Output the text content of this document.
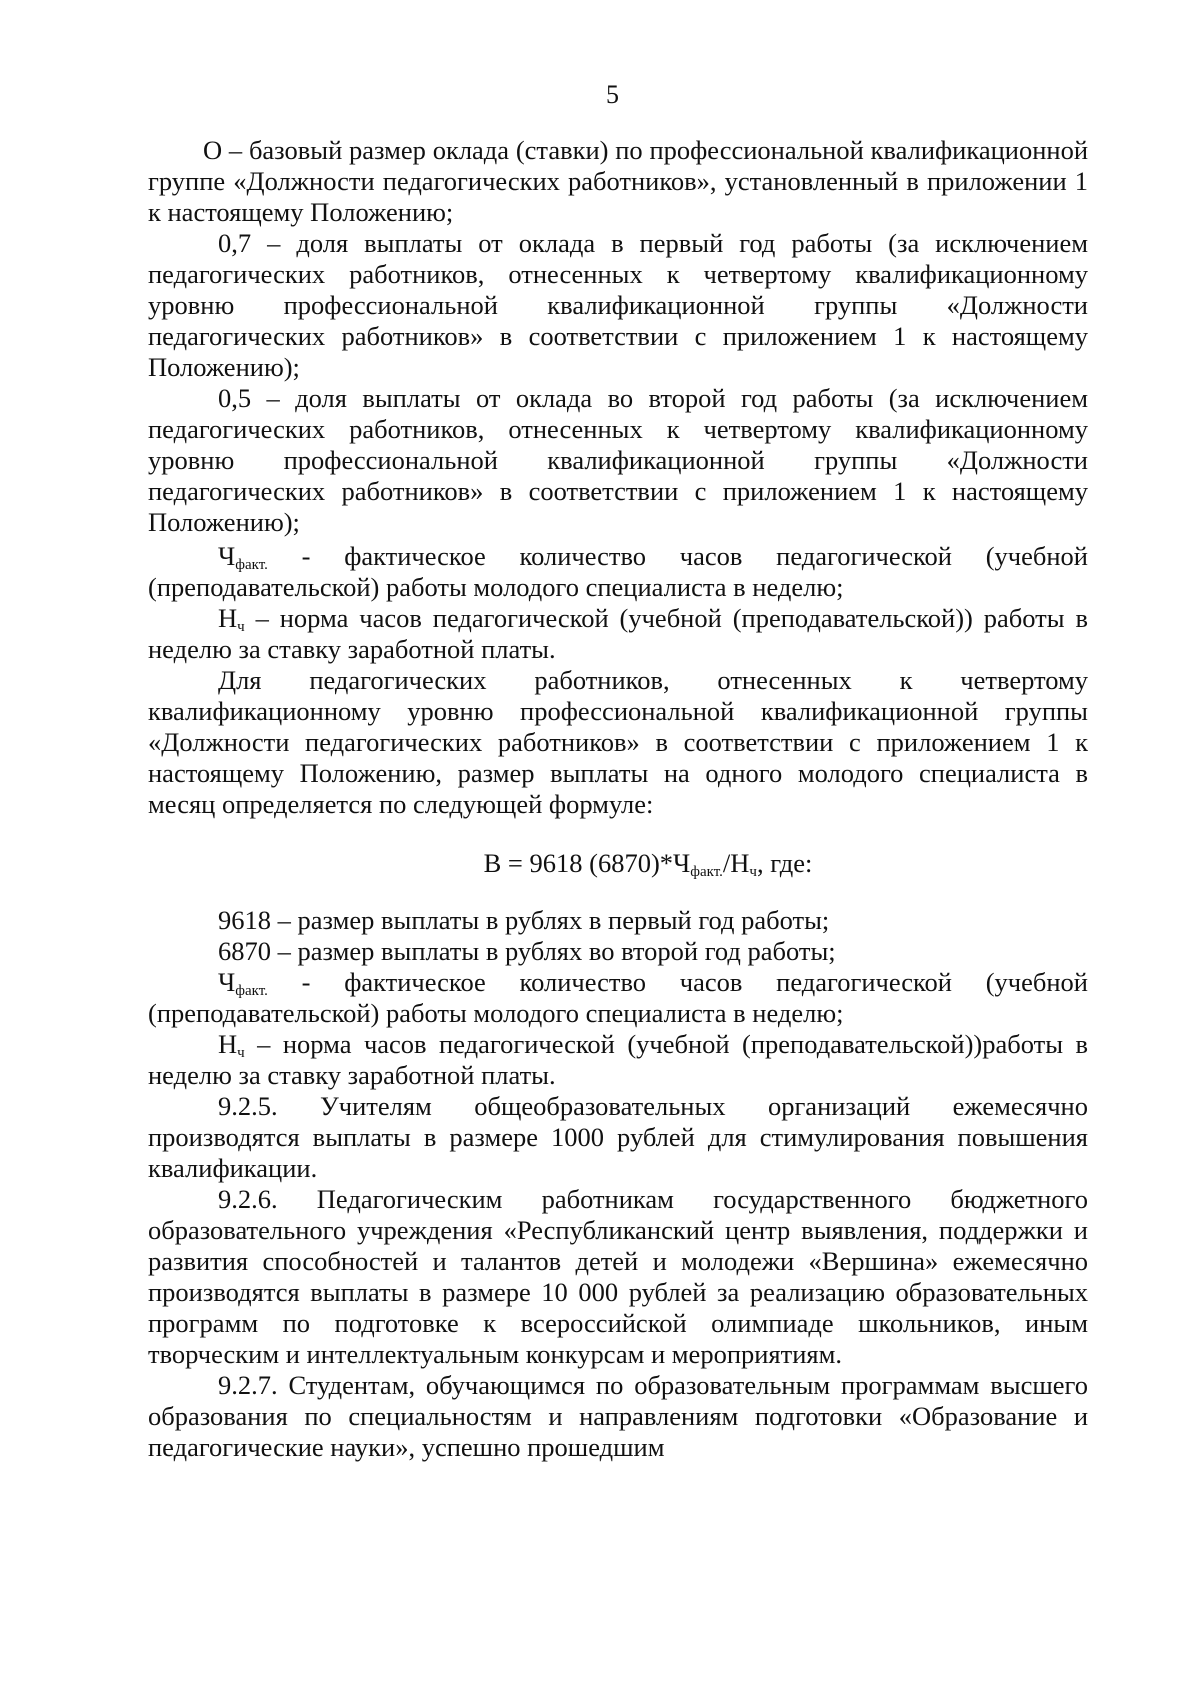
5

О – базовый размер оклада (ставки) по профессиональной квалификационной группе «Должности педагогических работников», установленный в приложении 1 к настоящему Положению;

0,7 – доля выплаты от оклада в первый год работы (за исключением педагогических работников, отнесенных к четвертому квалификационному уровню профессиональной квалификационной группы «Должности педагогических работников» в соответствии с приложением 1 к настоящему Положению);

0,5 – доля выплаты от оклада во второй год работы (за исключением педагогических работников, отнесенных к четвертому квалификационному уровню профессиональной квалификационной группы «Должности педагогических работников» в соответствии с приложением 1 к настоящему Положению);

$Ч_{факт.}$ - фактическое количество часов педагогической (учебной (преподавательской) работы молодого специалиста в неделю;

$Н_ч$ – норма часов педагогической (учебной (преподавательской)) работы в неделю за ставку заработной платы.

Для педагогических работников, отнесенных к четвертому квалификационному уровню профессиональной квалификационной группы «Должности педагогических работников» в соответствии с приложением 1 к настоящему Положению, размер выплаты на одного молодого специалиста в месяц определяется по следующей формуле:

В = 9618 $(6870)*Ч_{факт.}/Н_ч$, где:

9618 – размер выплаты в рублях в первый год работы;

6870 – размер выплаты в рублях во второй год работы;

$Ч_{факт.}$ - фактическое количество часов педагогической (учебной (преподавательской) работы молодого специалиста в неделю;

$Н_ч$ – норма часов педагогической (учебной (преподавательской))работы в неделю за ставку заработной платы.

9.2.5. Учителям общеобразовательных организаций ежемесячно производятся выплаты в размере 1000 рублей для стимулирования повышения квалификации.

9.2.6. Педагогическим работникам государственного бюджетного образовательного учреждения «Республиканский центр выявления, поддержки и развития способностей и талантов детей и молодежи «Вершина» ежемесячно производятся выплаты в размере 10 000 рублей за реализацию образовательных программ по подготовке к всероссийской олимпиаде школьников, иным творческим и интеллектуальным конкурсам и мероприятиям.

9.2.7. Студентам, обучающимся по образовательным программам высшего образования по специальностям и направлениям подготовки «Образование и педагогические науки», успешно прошедшим
